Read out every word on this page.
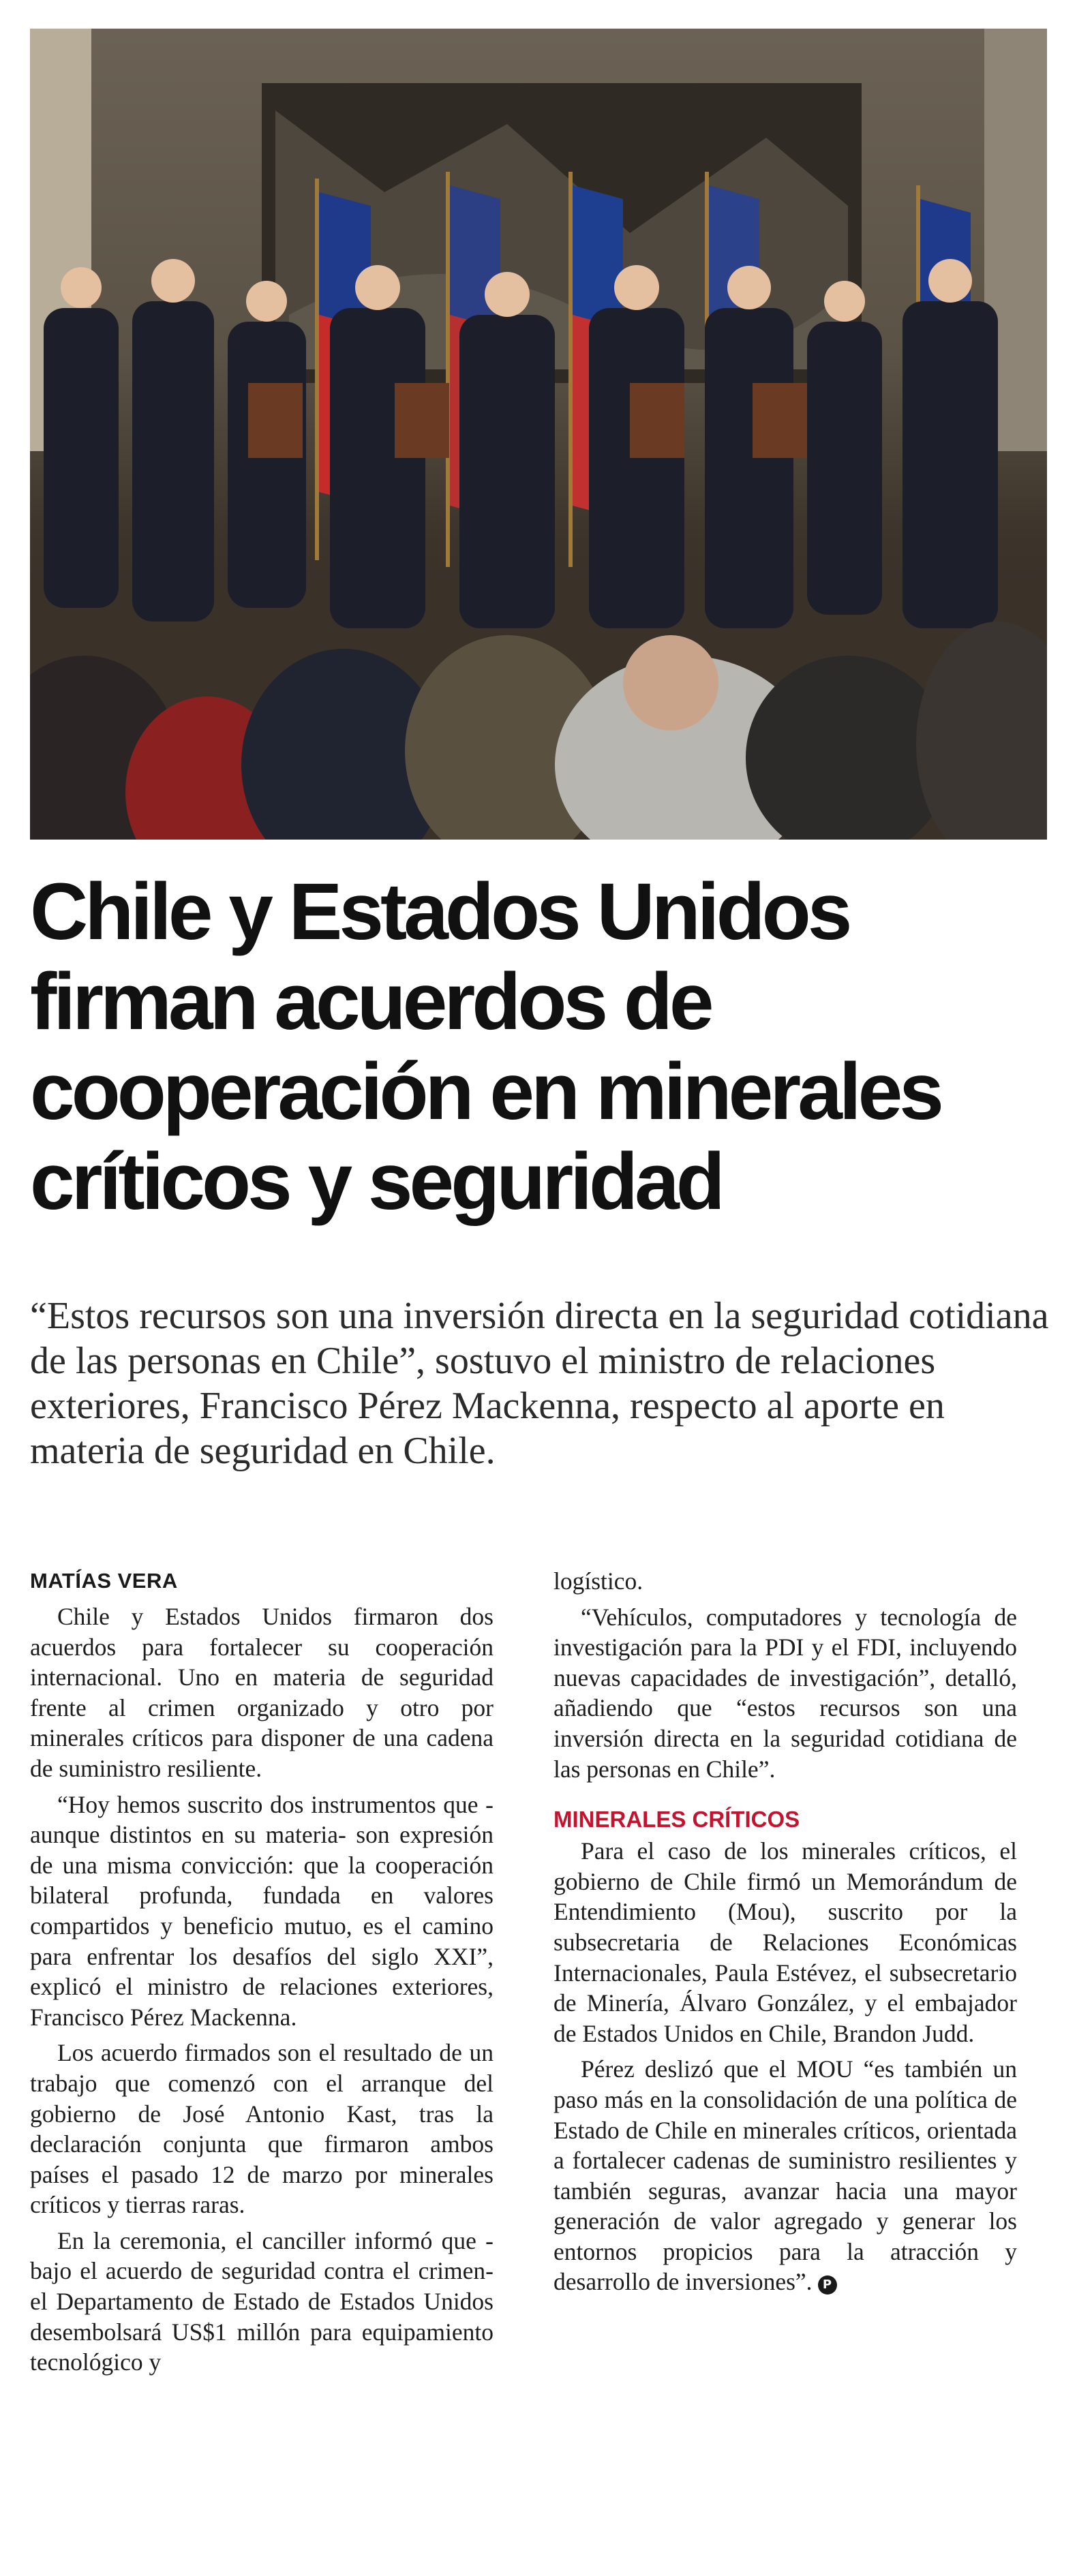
Chile y Estados Unidos
firman acuerdos de
cooperación en minerales
críticos y seguridad

“Estos recursos son una inversión directa en la seguridad cotidiana de las personas en Chile”, sostuvo el ministro de relaciones exteriores, Francisco Pérez Mackenna, respecto al aporte en materia de seguridad en Chile.

MATÍAS VERA

Chile y Estados Unidos firmaron dos acuerdos para fortalecer su cooperación internacional. Uno en materia de seguridad frente al crimen organizado y otro por minerales críticos para disponer de una cadena de suministro resiliente.

“Hoy hemos suscrito dos instrumentos que -aunque distintos en su materia- son expresión de una misma convicción: que la cooperación bilateral profunda, fundada en valores compartidos y beneficio mutuo, es el camino para enfrentar los desafíos del siglo XXI”, explicó el ministro de relaciones exteriores, Francisco Pérez Mackenna.

Los acuerdo firmados son el resultado de un trabajo que comenzó con el arranque del gobierno de José Antonio Kast, tras la declaración conjunta que firmaron ambos países el pasado 12 de marzo por minerales críticos y tierras raras.

En la ceremonia, el canciller informó que -bajo el acuerdo de seguridad contra el crimen- el Departamento de Estado de Estados Unidos desembolsará US$1 millón para equipamiento tecnológico y

logístico.

“Vehículos, computadores y tecnología de investigación para la PDI y el FDI, incluyendo nuevas capacidades de investigación”, detalló, añadiendo que “estos recursos son una inversión directa en la seguridad cotidiana de las personas en Chile”.

MINERALES CRÍTICOS

Para el caso de los minerales críticos, el gobierno de Chile firmó un Memorándum de Entendimiento (Mou), suscrito por la subsecretaria de Relaciones Económicas Internacionales, Paula Estévez, el subsecretario de Minería, Álvaro González, y el embajador de Estados Unidos en Chile, Brandon Judd.

Pérez deslizó que el MOU “es también un paso más en la consolidación de una política de Estado de Chile en minerales críticos, orientada a fortalecer cadenas de suministro resilientes y también seguras, avanzar hacia una mayor generación de valor agregado y generar los entornos propicios para la atracción y desarrollo de inversiones”. P
